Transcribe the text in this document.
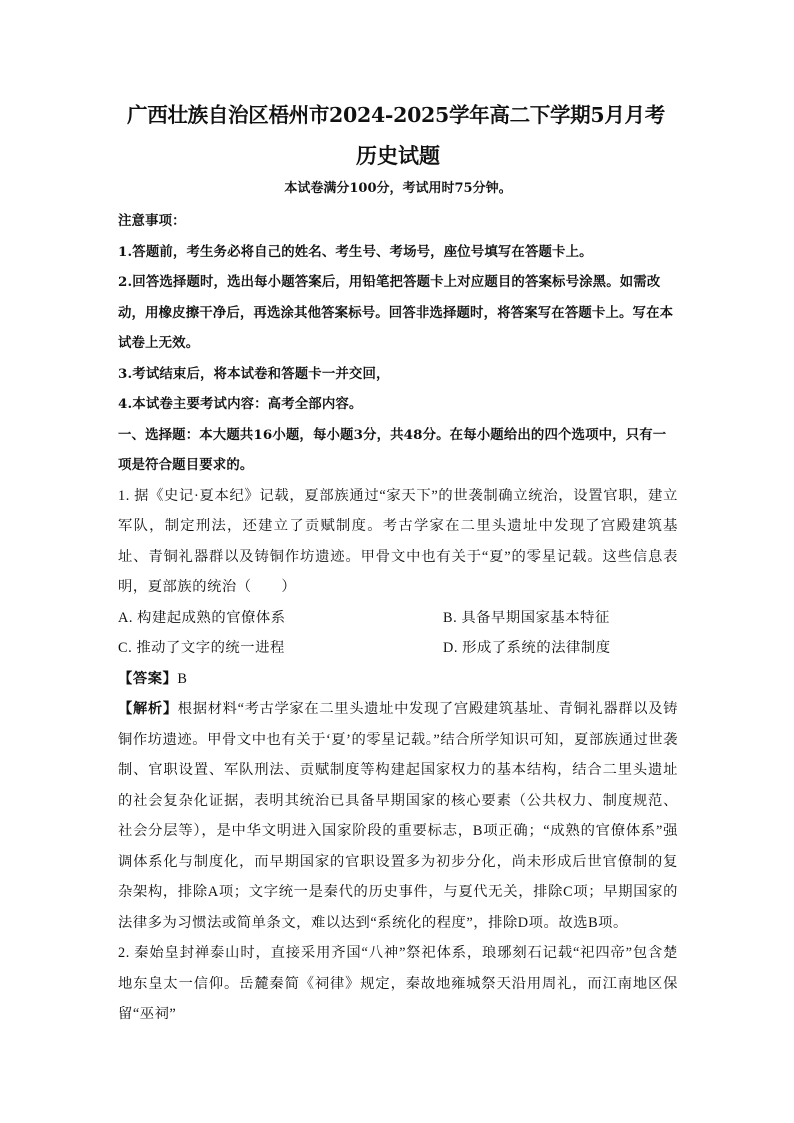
广西壮族自治区梧州市2024-2025学年高二下学期5月月考
历史试题
本试卷满分100分，考试用时75分钟。
注意事项：
1.答题前，考生务必将自己的姓名、考生号、考场号，座位号填写在答题卡上。
2.回答选择题时，选出每小题答案后，用铅笔把答题卡上对应题目的答案标号涂黑。如需改动，用橡皮擦干净后，再选涂其他答案标号。回答非选择题时，将答案写在答题卡上。写在本试卷上无效。
3.考试结束后，将本试卷和答题卡一并交回，
4.本试卷主要考试内容：高考全部内容。
一、选择题：本大题共16小题，每小题3分，共48分。在每小题给出的四个选项中，只有一项是符合题目要求的。
1. 据《史记·夏本纪》记载，夏部族通过“家天下”的世袭制确立统治，设置官职，建立军队，制定刑法，还建立了贡赋制度。考古学家在二里头遗址中发现了宫殿建筑基址、青铜礼器群以及铸铜作坊遗迹。甲骨文中也有关于“夏”的零星记载。这些信息表明，夏部族的统治（　　）
A. 构建起成熟的官僚体系	B. 具备早期国家基本特征
C. 推动了文字的统一进程	D. 形成了系统的法律制度
【答案】B
【解析】根据材料“考古学家在二里头遗址中发现了宫殿建筑基址、青铜礼器群以及铸铜作坊遗迹。甲骨文中也有关于‘夏’的零星记载。”结合所学知识可知，夏部族通过世袭制、官职设置、军队刑法、贡赋制度等构建起国家权力的基本结构，结合二里头遗址的社会复杂化证据，表明其统治已具备早期国家的核心要素（公共权力、制度规范、社会分层等），是中华文明进入国家阶段的重要标志，B项正确；“成熟的官僚体系”强调体系化与制度化，而早期国家的官职设置多为初步分化，尚未形成后世官僚制的复杂架构，排除A项；文字统一是秦代的历史事件，与夏代无关，排除C项；早期国家的法律多为习惯法或简单条文，难以达到“系统化的程度”，排除D项。故选B项。
2. 秦始皇封禅泰山时，直接采用齐国“八神”祭祀体系，琅琊刻石记载“祀四帝”包含楚地东皇太一信仰。岳麓秦简《祠律》规定，秦故地雍城祭天沿用周礼，而江南地区保留“巫祠”
